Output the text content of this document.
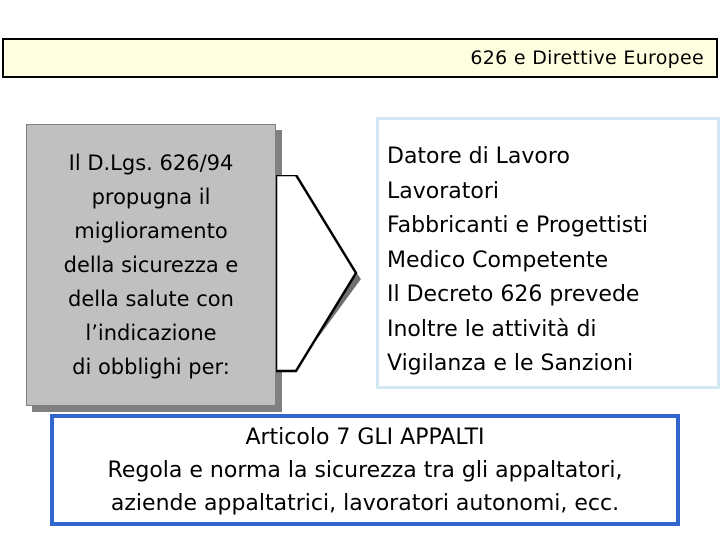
626 e Direttive Europee
Il D.Lgs. 626/94
propugna il
miglioramento
della sicurezza e
della salute con
l’indicazione
di obblighi per:
Datore di Lavoro
Lavoratori
Fabbricanti e Progettisti
Medico Competente
Il Decreto 626 prevede
Inoltre le attività di
Vigilanza e le Sanzioni
Articolo 7 GLI APPALTI
Regola e norma la sicurezza tra gli appaltatori,
aziende appaltatrici, lavoratori autonomi, ecc.
